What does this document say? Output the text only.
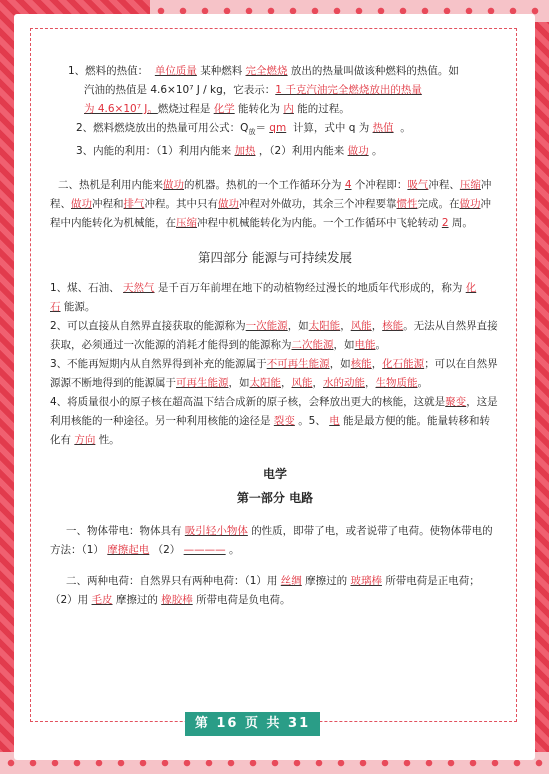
1、燃料的热值： 单位质量 某种燃料 完全燃烧 放出的热量叫做该种燃料的热值。如

汽油的热值是 4.6×10⁷ J / kg，它表示：1 千克汽油完全燃烧放出的热量

为 4.6×10⁷ J。燃烧过程是 化学 能转化为 内 能的过程。

2、燃料燃烧放出的热量可用公式：$Q_放=$ qm 计算，式中 q 为 热值 。

3、内能的利用：（1）利用内能来 加热 ，（2）利用内能来 做功 。

二、热机是利用内能来做功的机器。热机的一个工作循环分为 4 个冲程即：吸气冲程、压缩冲程、做功冲程和排气冲程。其中只有做功冲程对外做功，其余三个冲程要靠惯性完成。在做功冲程中内能转化为机械能，在压缩冲程中机械能转化为内能。一个工作循环中飞轮转动 2 周。

第四部分 能源与可持续发展

1、煤、石油、 天然气 是千百万年前埋在地下的动植物经过漫长的地质年代形成的，称为 化石 能源。

2、可以直接从自然界直接获取的能源称为一次能源，如太阳能，风能，核能。无法从自然界直接获取，必须通过一次能源的消耗才能得到的能源称为二次能源，如电能。

3、不能再短期内从自然界得到补充的能源属于不可再生能源，如核能，化石能源；可以在自然界源源不断地得到的能源属于可再生能源，如太阳能，风能，水的动能，生物质能。

4、将质量很小的原子核在超高温下结合成新的原子核，会释放出更大的核能，这就是聚变，这是利用核能的一种途径。另一种利用核能的途径是 裂变 。5、 电 能是最方便的能。能量转移和转化有 方向 性。

电学

第一部分 电路

一、物体带电：物体具有 吸引轻小物体 的性质，即带了电，或者说带了电荷。使物体带电的方法：（1） 摩擦起电 （2） ———— 。

二、两种电荷：自然界只有两种电荷：（1）用 丝绸 摩擦过的 玻璃棒 所带电荷是正电荷； （2）用 毛皮 摩擦过的 橡胶棒 所带电荷是负电荷。

第 16 页 共 31 页
